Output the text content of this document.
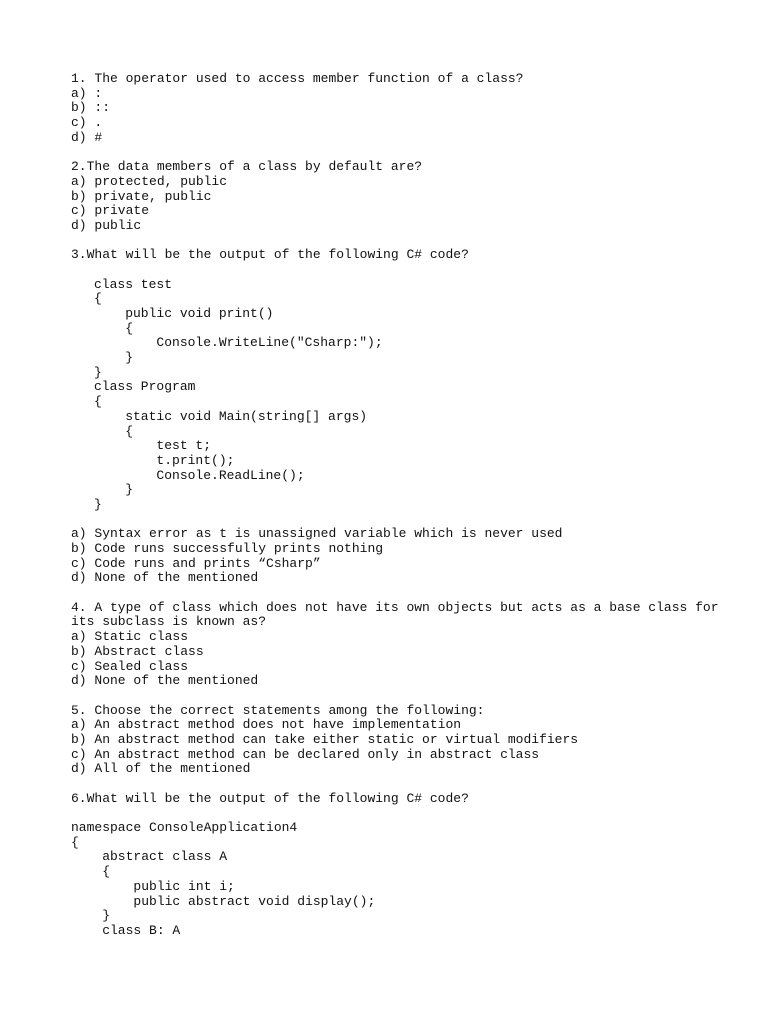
1. The operator used to access member function of a class?
a) :
b) ::
c) .
d) #
2.The data members of a class by default are?
a) protected, public
b) private, public
c) private
d) public
3.What will be the output of the following C# code?
class test
{
public void print()
{
Console.WriteLine("Csharp:");
}
}
class Program
{
static void Main(string[] args)
{
test t;
t.print();
Console.ReadLine();
}
}
a) Syntax error as t is unassigned variable which is never used
b) Code runs successfully prints nothing
c) Code runs and prints “Csharp”
d) None of the mentioned
4. A type of class which does not have its own objects but acts as a base class for
its subclass is known as?
a) Static class
b) Abstract class
c) Sealed class
d) None of the mentioned
5. Choose the correct statements among the following:
a) An abstract method does not have implementation
b) An abstract method can take either static or virtual modifiers
c) An abstract method can be declared only in abstract class
d) All of the mentioned
6.What will be the output of the following C# code?
namespace ConsoleApplication4
{
abstract class A
{
public int i;
public abstract void display();
}
class B: A
